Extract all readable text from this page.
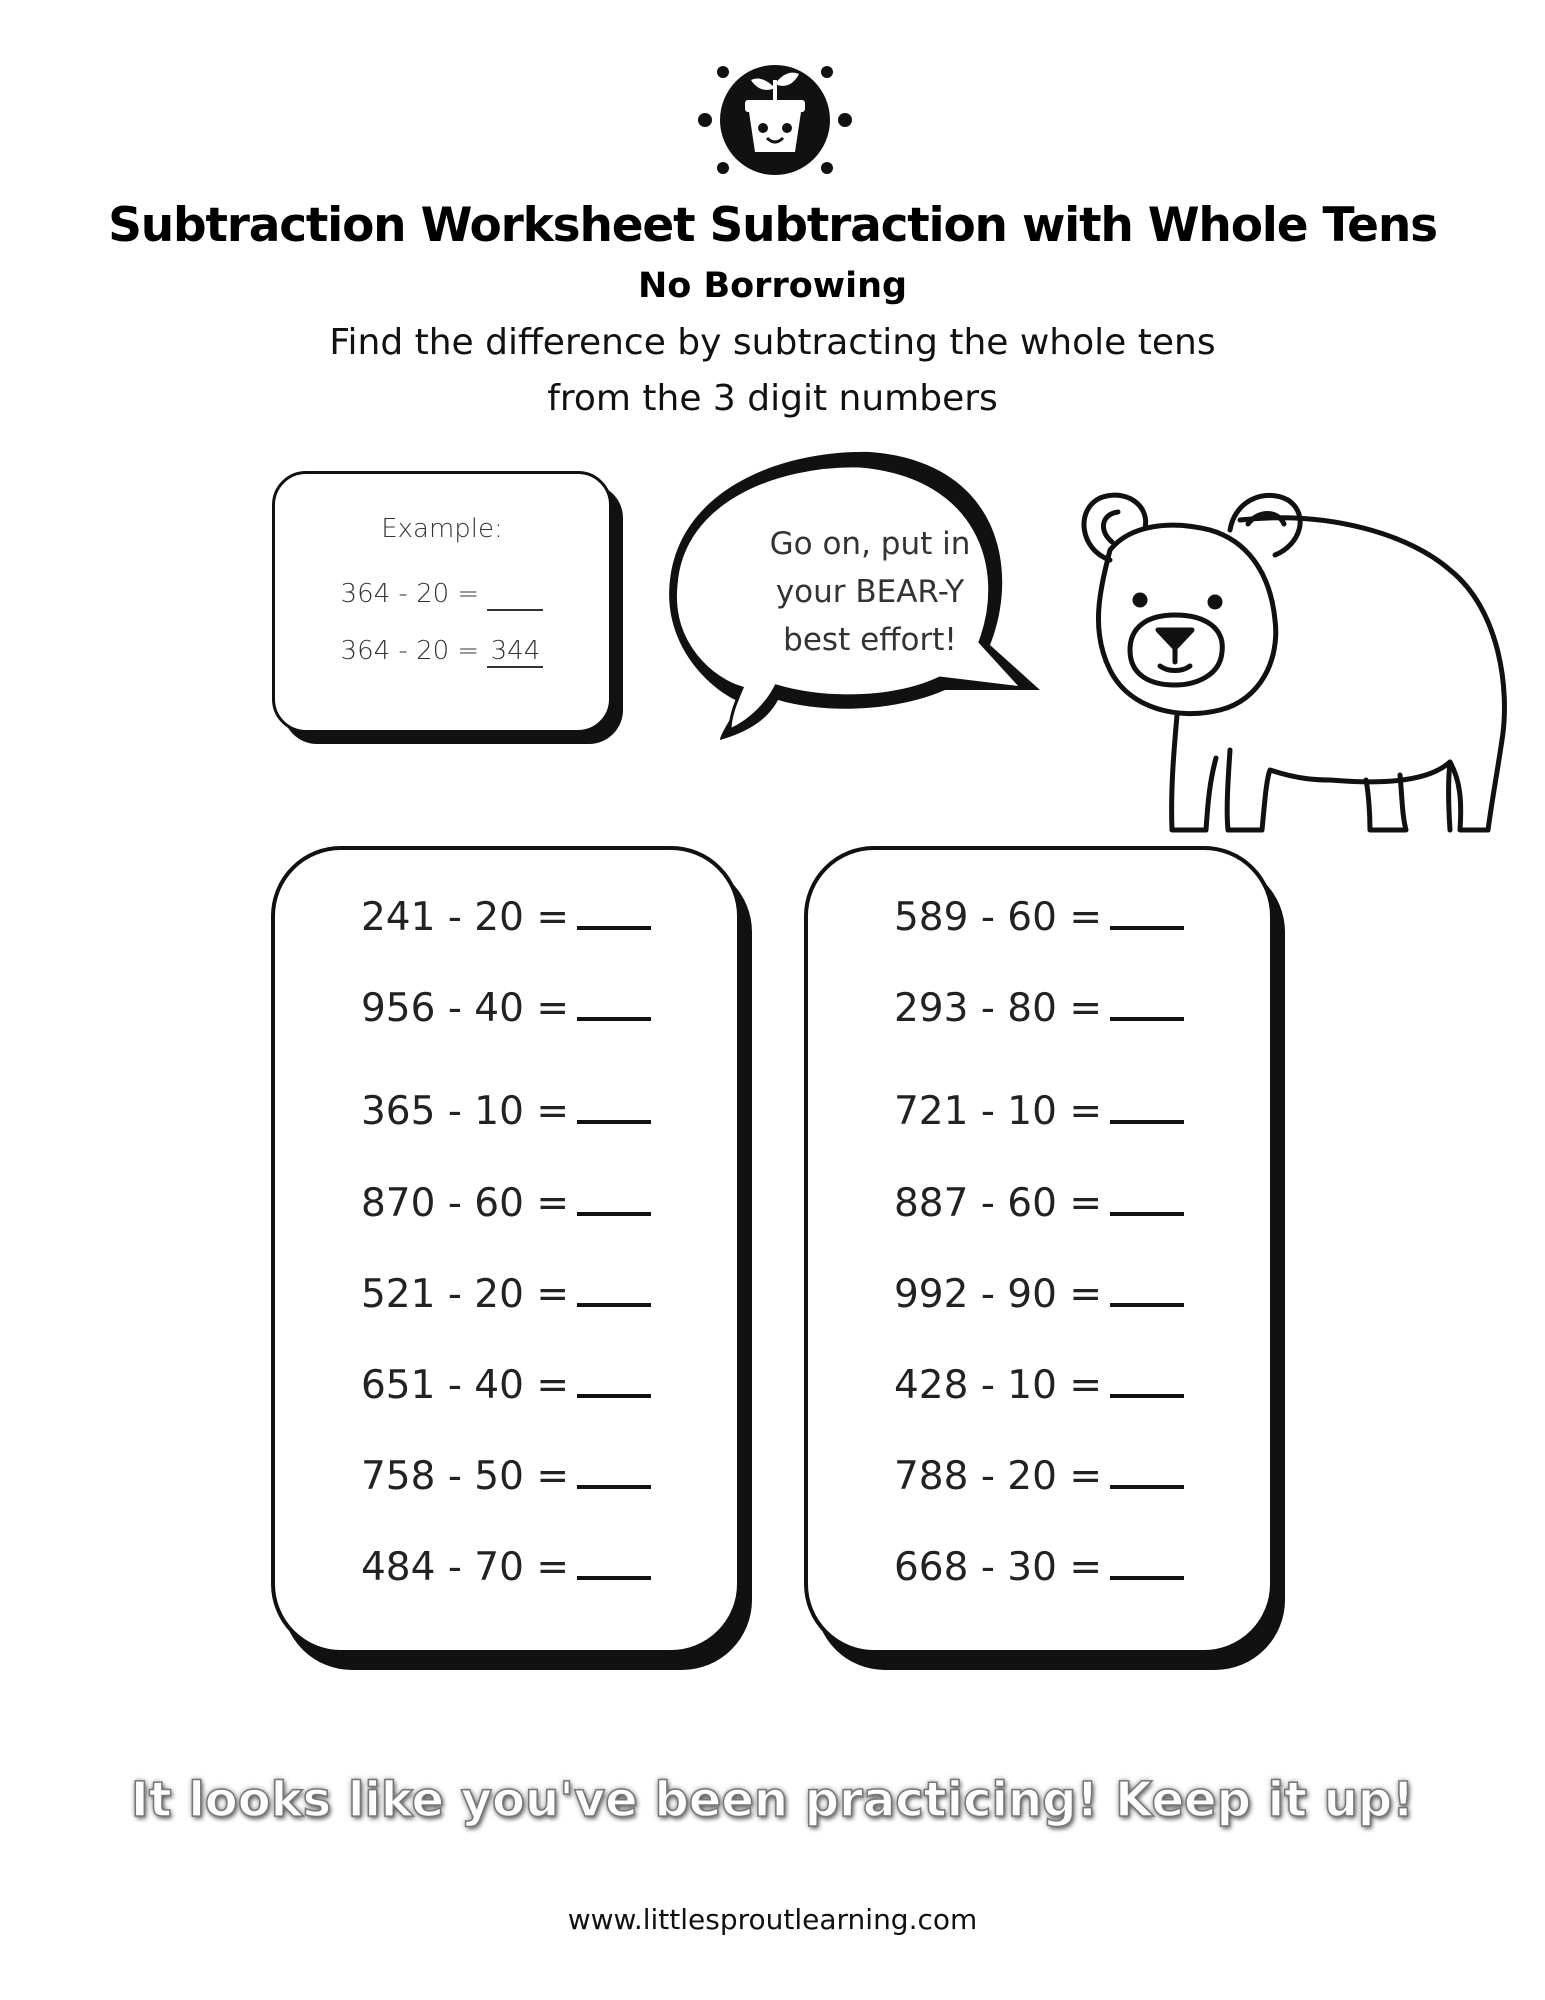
Subtraction Worksheet Subtraction with Whole Tens
No Borrowing
Find the difference by subtracting the whole tens
from the 3 digit numbers
Example:
364 - 20 =
364 - 20 = 344
Go on, put in
your BEAR-Y
best effort!
241 - 20 =
956 - 40 =
365 - 10 =
870 - 60 =
521 - 20 =
651 - 40 =
758 - 50 =
484 - 70 =
589 - 60 =
293 - 80 =
721 - 10 =
887 - 60 =
992 - 90 =
428 - 10 =
788 - 20 =
668 - 30 =
It looks like you've been practicing! Keep it up!
www.littlesproutlearning.com
